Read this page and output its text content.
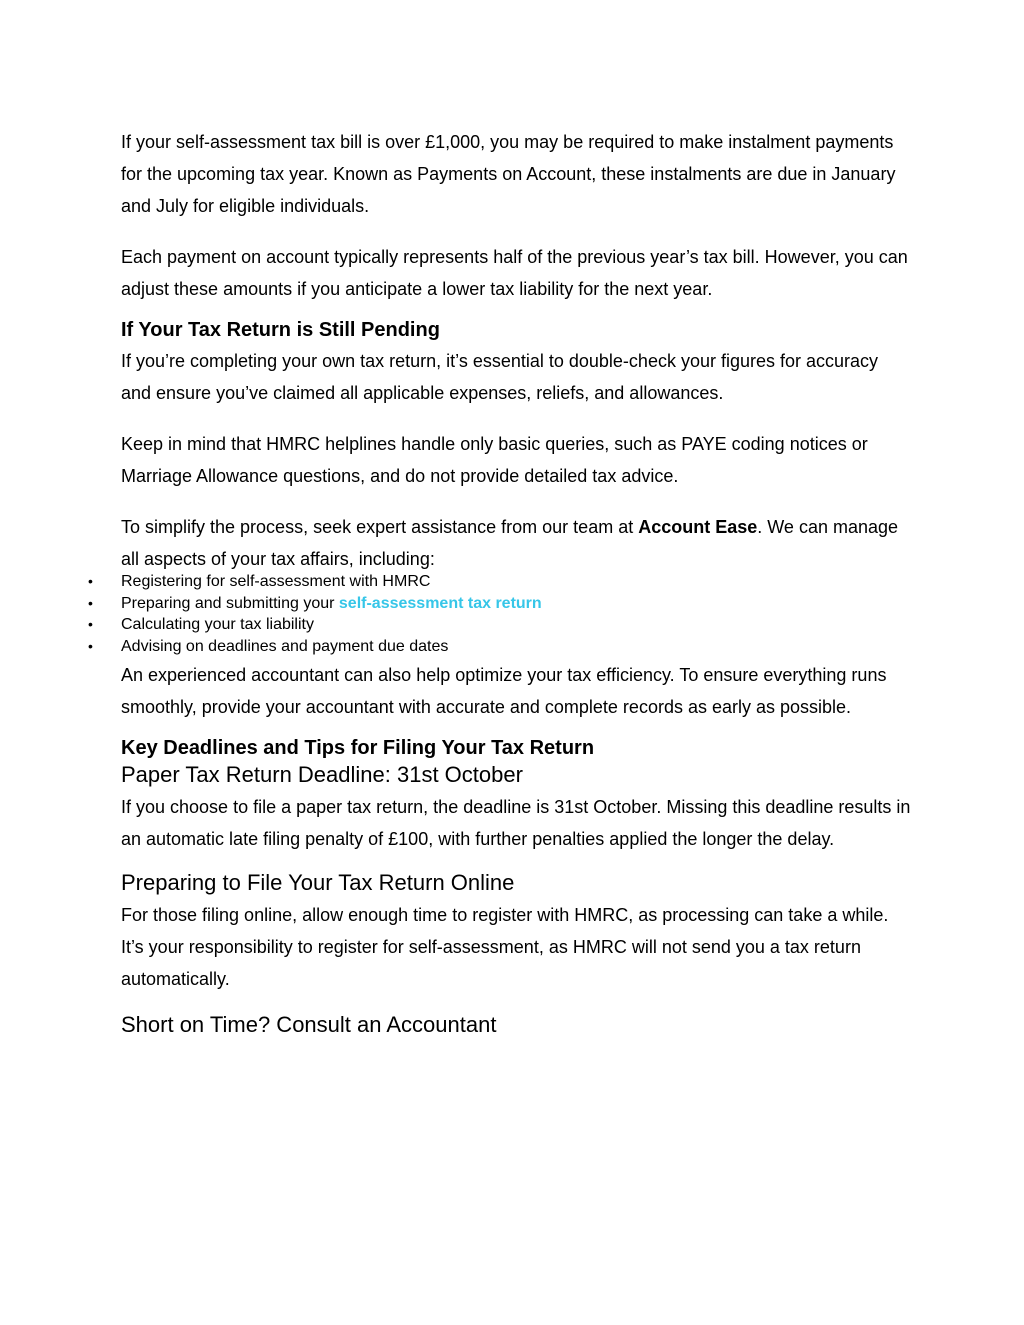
If your self-assessment tax bill is over £1,000, you may be required to make instalment payments for the upcoming tax year. Known as Payments on Account, these instalments are due in January and July for eligible individuals.

Each payment on account typically represents half of the previous year’s tax bill. However, you can adjust these amounts if you anticipate a lower tax liability for the next year.

If Your Tax Return is Still Pending

If you’re completing your own tax return, it’s essential to double-check your figures for accuracy and ensure you’ve claimed all applicable expenses, reliefs, and allowances.

Keep in mind that HMRC helplines handle only basic queries, such as PAYE coding notices or Marriage Allowance questions, and do not provide detailed tax advice.

To simplify the process, seek expert assistance from our team at Account Ease. We can manage all aspects of your tax affairs, including:

• Registering for self-assessment with HMRC
• Preparing and submitting your self-assessment tax return
• Calculating your tax liability
• Advising on deadlines and payment due dates

An experienced accountant can also help optimize your tax efficiency. To ensure everything runs smoothly, provide your accountant with accurate and complete records as early as possible.

Key Deadlines and Tips for Filing Your Tax Return
Paper Tax Return Deadline: 31st October

If you choose to file a paper tax return, the deadline is 31st October. Missing this deadline results in an automatic late filing penalty of £100, with further penalties applied the longer the delay.

Preparing to File Your Tax Return Online

For those filing online, allow enough time to register with HMRC, as processing can take a while. It’s your responsibility to register for self-assessment, as HMRC will not send you a tax return automatically.

Short on Time? Consult an Accountant
